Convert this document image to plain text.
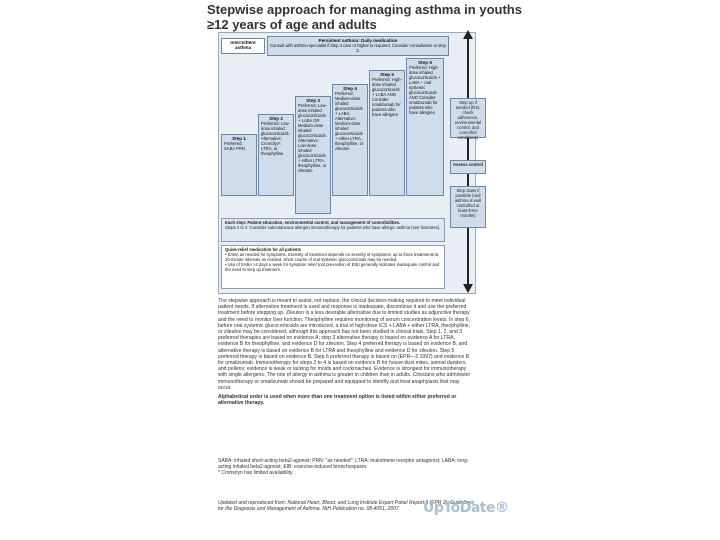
Stepwise approach for managing asthma in youths ≥12 years of age and adults
Intermittent asthma
Persistent asthma: Daily medication
Consult with asthma specialist if step 4 care or higher is required. Consider consultation at step 3.
Step 1
Preferred: SABA PRN
Step 2
Preferred: Low-dose inhaled glucocorticoids. Alternative: Cromolyn*, LTRA, or theophylline
Step 3
Preferred: Low-dose inhaled glucocorticoids + LABA OR Medium-dose inhaled glucocorticoids. Alternative: Low-dose inhaled glucocorticoids + either LTRA, theophylline, or zileuton
Step 4
Preferred: Medium-dose inhaled glucocorticoids + LABA. Alternative: Medium-dose inhaled glucocorticoids + either LTRA, theophylline, or zileuton
Step 5
Preferred: High-dose inhaled glucocorticoids + LABA AND Consider omalizumab for patients who have allergies
Step 6
Preferred: High-dose inhaled glucocorticoids + LABA + oral systemic glucocorticoids AND Consider omalizumab for patients who have allergies
Each step: Patient education, environmental control, and management of comorbidities.
Steps 2 to 4: Consider subcutaneous allergen immunotherapy for patients who have allergic asthma (see footnotes).
Quick-relief medication for all patients
• SABA as needed for symptoms. Intensity of treatment depends on severity of symptoms: up to three treatments at 20-minute intervals as needed. Short course of oral systemic glucocorticoids may be needed.
• Use of SABA >2 days a week for symptom relief (not prevention of EIB) generally indicates inadequate control and the need to step up treatment.
Step up if needed (first, check adherence, environmental control, and comorbid conditions)
Assess control
Step down if possible (and asthma is well controlled at least three months)

The stepwise approach is meant to assist, not replace, the clinical decision-making required to meet individual patient needs. If alternative treatment is used and response is inadequate, discontinue it and use the preferred treatment before stepping up. Zileuton is a less desirable alternative due to limited studies as adjunctive therapy and the need to monitor liver function. Theophylline requires monitoring of serum concentration levels. In step 6, before oral systemic glucocorticoids are introduced, a trial of high-dose ICS + LABA + either LTRA, theophylline, or zileuton may be considered, although this approach has not been studied in clinical trials. Step 1, 2, and 3 preferred therapies are based on evidence A; step 3 alternative therapy is based on evidence A for LTRA, evidence B for theophylline, and evidence D for zileuton. Step 4 preferred therapy is based on evidence B, and alternative therapy is based on evidence B for LTRA and theophylline and evidence D for zileuton. Step 5 preferred therapy is based on evidence B. Step 6 preferred therapy is based on (EPR—2 1997) and evidence B for omalizumab. Immunotherapy for steps 2 to 4 is based on evidence B for house-dust mites, animal danders, and pollens; evidence is weak or lacking for molds and cockroaches. Evidence is strongest for immunotherapy with single allergens. The role of allergy in asthma is greater in children than in adults. Clinicians who administer immunotherapy or omalizumab should be prepared and equipped to identify and treat anaphylaxis that may occur.

Alphabetical order is used when more than one treatment option is listed within either preferred or alternative therapy.

SABA: inhaled short-acting beta2-agonist; PRN: "as needed"; LTRA: leukotriene receptor antagonist; LABA: long-acting inhaled beta2-agonist; EIB: exercise-induced bronchospasm.
* Cromolyn has limited availability.
Updated and reproduced from: National Heart, Blood, and Lung Institute Expert Panel Report 3 (EPR 3): Guidelines for the Diagnosis and Management of Asthma. NIH Publication no. 08-4051, 2007.	UpToDate®
